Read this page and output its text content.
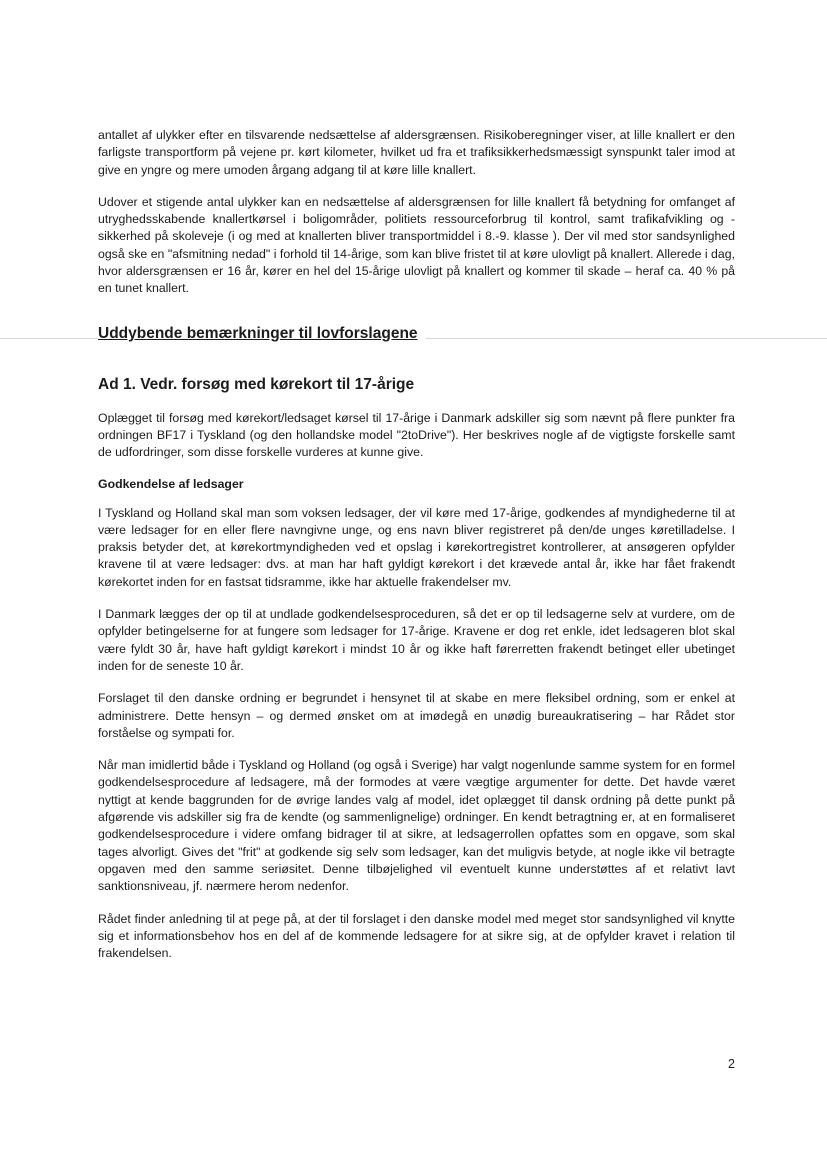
antallet af ulykker efter en tilsvarende nedsættelse af aldersgrænsen. Risikoberegninger viser, at lille knallert er den farligste transportform på vejene pr. kørt kilometer, hvilket ud fra et trafiksikkerhedsmæssigt synspunkt taler imod at give en yngre og mere umoden årgang adgang til at køre lille knallert.

Udover et stigende antal ulykker kan en nedsættelse af aldersgrænsen for lille knallert få betydning for omfanget af utryghedsskabende knallertkørsel i boligområder, politiets ressourceforbrug til kontrol, samt trafikafvikling og -sikkerhed på skoleveje (i og med at knallerten bliver transportmiddel i 8.-9. klasse ). Der vil med stor sandsynlighed også ske en "afsmitning nedad" i forhold til 14-årige, som kan blive fristet til at køre ulovligt på knallert. Allerede i dag, hvor aldersgrænsen er 16 år, kører en hel del 15-årige ulovligt på knallert og kommer til skade – heraf ca. 40 % på en tunet knallert.

Uddybende bemærkninger til lovforslagene
Ad 1. Vedr. forsøg med kørekort til 17-årige

Oplægget til forsøg med kørekort/ledsaget kørsel til 17-årige i Danmark adskiller sig som nævnt på flere punkter fra ordningen BF17 i Tyskland (og den hollandske model "2toDrive"). Her beskrives nogle af de vigtigste forskelle samt de udfordringer, som disse forskelle vurderes at kunne give.

Godkendelse af ledsager

I Tyskland og Holland skal man som voksen ledsager, der vil køre med 17-årige, godkendes af myndighederne til at være ledsager for en eller flere navngivne unge, og ens navn bliver registreret på den/de unges køretilladelse. I praksis betyder det, at kørekortmyndigheden ved et opslag i kørekortregistret kontrollerer, at ansøgeren opfylder kravene til at være ledsager: dvs. at man har haft gyldigt kørekort i det krævede antal år, ikke har fået frakendt kørekortet inden for en fastsat tidsramme, ikke har aktuelle frakendelser mv.

I Danmark lægges der op til at undlade godkendelsesproceduren, så det er op til ledsagerne selv at vurdere, om de opfylder betingelserne for at fungere som ledsager for 17-årige. Kravene er dog ret enkle, idet ledsageren blot skal være fyldt 30 år, have haft gyldigt kørekort i mindst 10 år og ikke haft førerretten frakendt betinget eller ubetinget inden for de seneste 10 år.

Forslaget til den danske ordning er begrundet i hensynet til at skabe en mere fleksibel ordning, som er enkel at administrere. Dette hensyn – og dermed ønsket om at imødegå en unødig bureaukratisering – har Rådet stor forståelse og sympati for.

Når man imidlertid både i Tyskland og Holland (og også i Sverige) har valgt nogenlunde samme system for en formel godkendelsesprocedure af ledsagere, må der formodes at være vægtige argumenter for dette. Det havde været nyttigt at kende baggrunden for de øvrige landes valg af model, idet oplægget til dansk ordning på dette punkt på afgørende vis adskiller sig fra de kendte (og sammenlignelige) ordninger. En kendt betragtning er, at en formaliseret godkendelsesprocedure i videre omfang bidrager til at sikre, at ledsagerrollen opfattes som en opgave, som skal tages alvorligt. Gives det "frit" at godkende sig selv som ledsager, kan det muligvis betyde, at nogle ikke vil betragte opgaven med den samme seriøsitet. Denne tilbøjelighed vil eventuelt kunne understøttes af et relativt lavt sanktionsniveau, jf. nærmere herom nedenfor.

Rådet finder anledning til at pege på, at der til forslaget i den danske model med meget stor sandsynlighed vil knytte sig et informationsbehov hos en del af de kommende ledsagere for at sikre sig, at de opfylder kravet i relation til frakendelsen.

2
